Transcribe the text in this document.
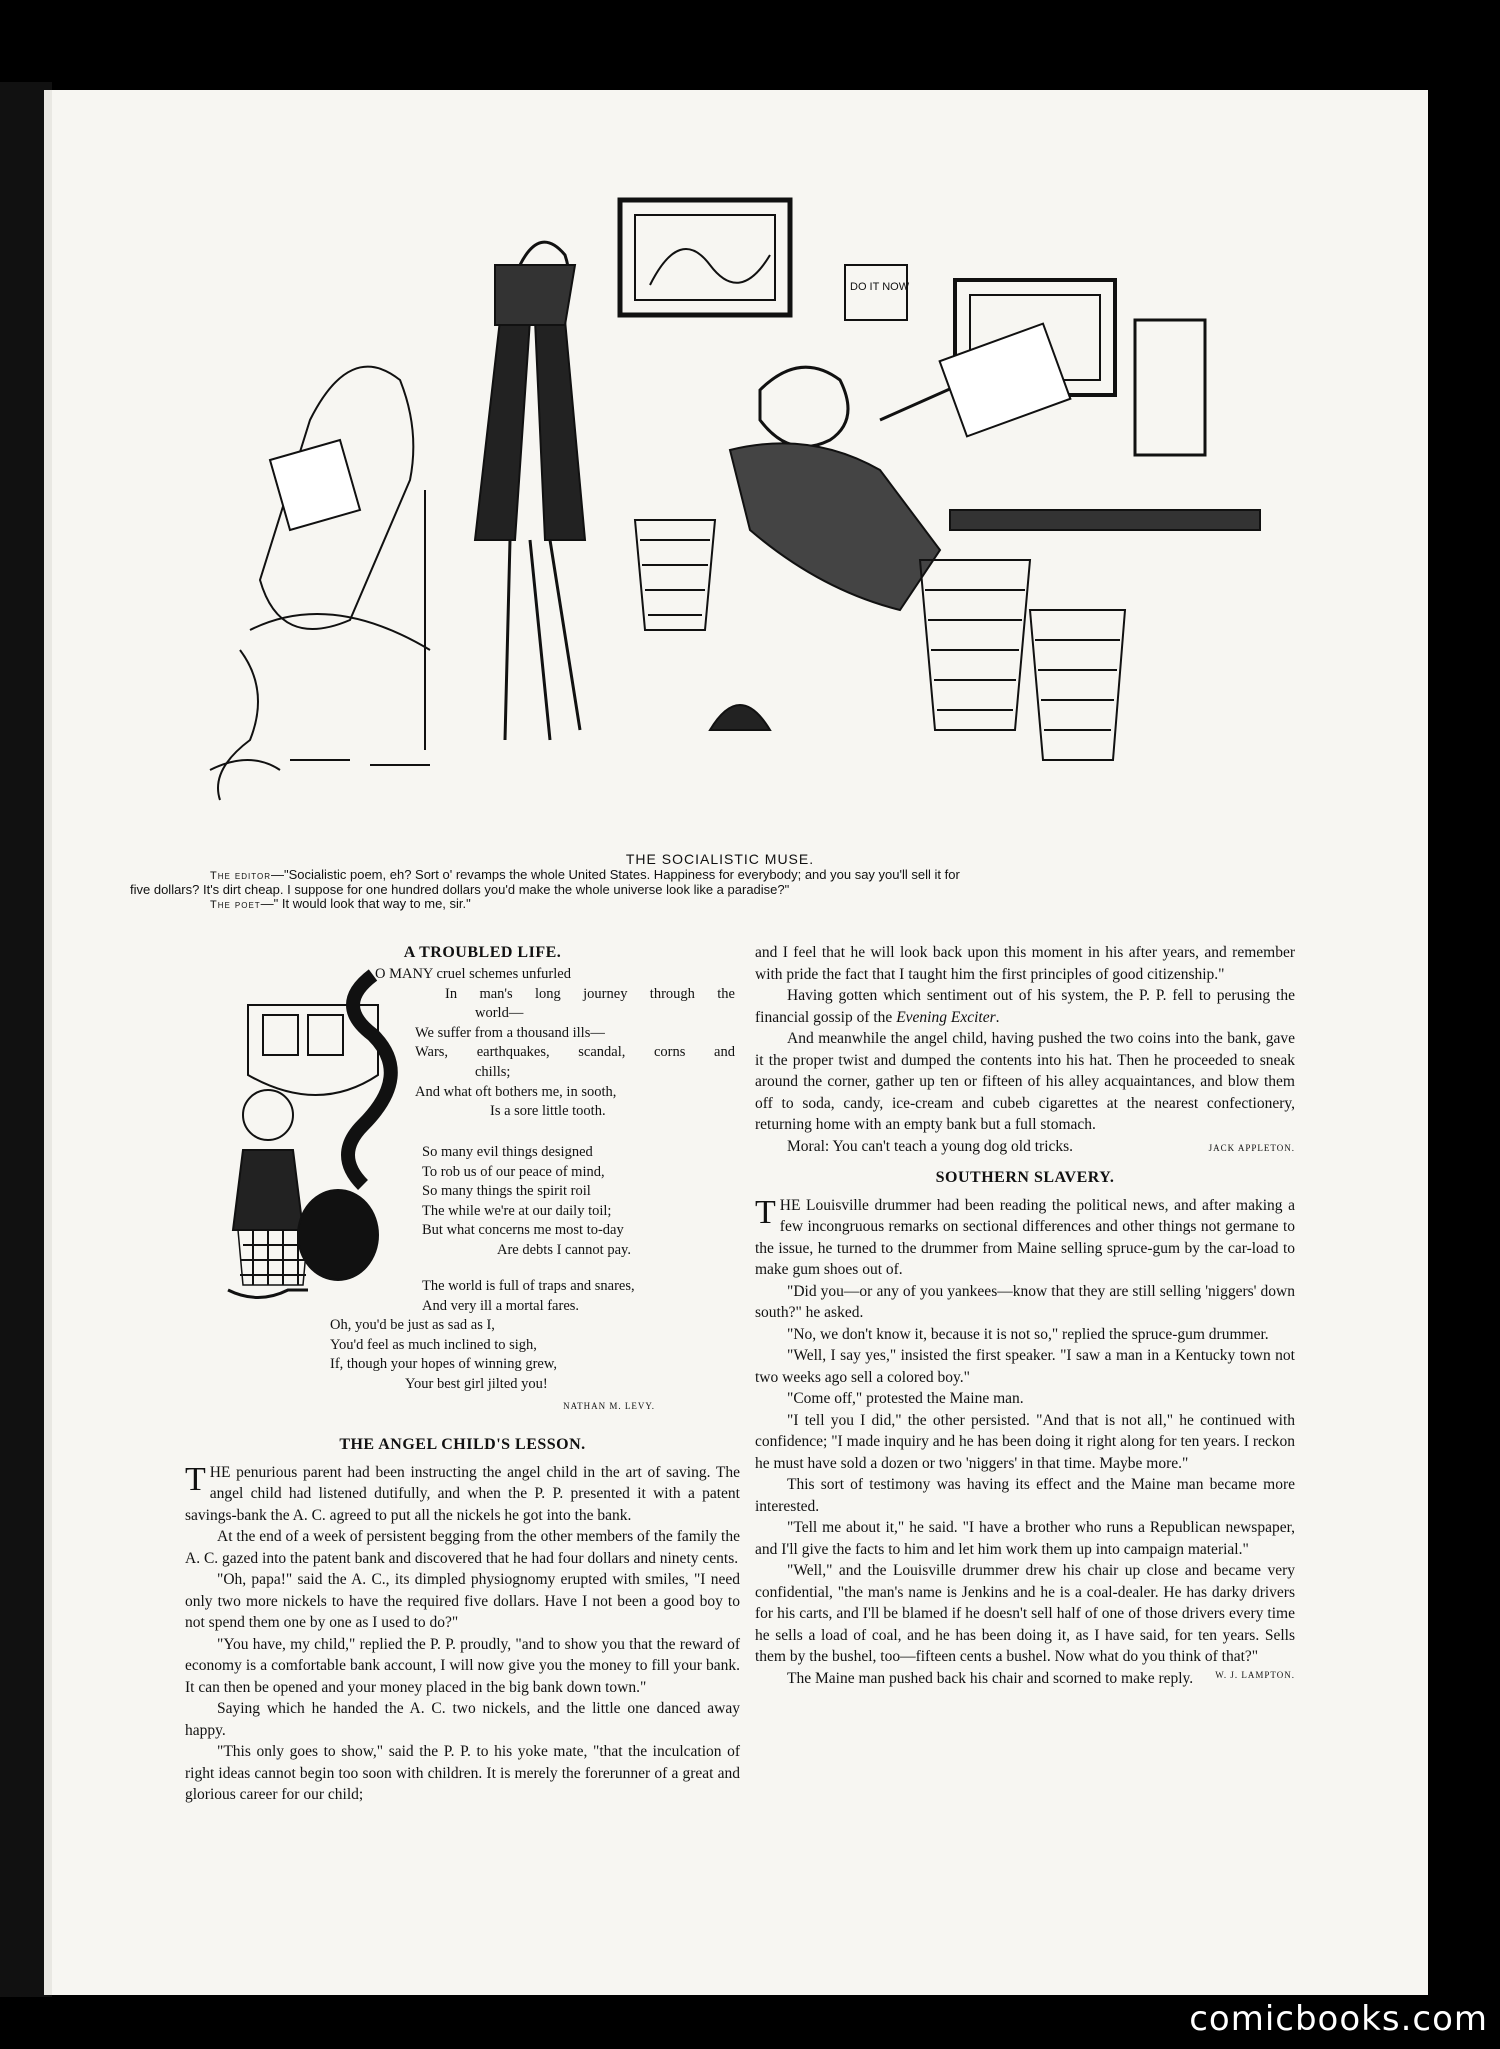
DO IT NOW
THE SOCIALISTIC MUSE.
The editor—"Socialistic poem, eh? Sort o' revamps the whole United States. Happiness for everybody; and you say you'll sell it for
five dollars? It's dirt cheap. I suppose for one hundred dollars you'd make the whole universe look like a paradise?"
The poet—" It would look that way to me, sir."
A TROUBLED LIFE.
O MANY cruel schemes unfurled
In man's long journey through the
world—
We suffer from a thousand ills—
Wars, earthquakes, scandal, corns and
chills;
And what oft bothers me, in sooth,
Is a sore little tooth.
So many evil things designed
To rob us of our peace of mind,
So many things the spirit roil
The while we're at our daily toil;
But what concerns me most to-day
Are debts I cannot pay.
The world is full of traps and snares,
And very ill a mortal fares.
Oh, you'd be just as sad as I,
You'd feel as much inclined to sigh,
If, though your hopes of winning grew,
Your best girl jilted you!
NATHAN M. LEVY.
THE ANGEL CHILD'S LESSON.

THE penurious parent had been instructing the angel child in the art of saving. The angel child had listened dutifully, and when the P. P. presented it with a patent savings-bank the A. C. agreed to put all the nickels he got into the bank.

At the end of a week of persistent begging from the other members of the family the A. C. gazed into the patent bank and discovered that he had four dollars and ninety cents.

"Oh, papa!" said the A. C., its dimpled physiognomy erupted with smiles, "I need only two more nickels to have the required five dollars. Have I not been a good boy to not spend them one by one as I used to do?"

"You have, my child," replied the P. P. proudly, "and to show you that the reward of economy is a comfortable bank account, I will now give you the money to fill your bank. It can then be opened and your money placed in the big bank down town."

Saying which he handed the A. C. two nickels, and the little one danced away happy.

"This only goes to show," said the P. P. to his yoke mate, "that the inculcation of right ideas cannot begin too soon with children. It is merely the forerunner of a great and glorious career for our child;

and I feel that he will look back upon this moment in his after years, and remember with pride the fact that I taught him the first principles of good citizenship."

Having gotten which sentiment out of his system, the P. P. fell to perusing the financial gossip of the Evening Exciter.

And meanwhile the angel child, having pushed the two coins into the bank, gave it the proper twist and dumped the contents into his hat. Then he proceeded to sneak around the corner, gather up ten or fifteen of his alley acquaintances, and blow them off to soda, candy, ice-cream and cubeb cigarettes at the nearest confectionery, returning home with an empty bank but a full stomach.

Moral: You can't teach a young dog old tricks.	JACK APPLETON.

SOUTHERN SLAVERY.

THE Louisville drummer had been reading the political news, and after making a few incongruous remarks on sectional differences and other things not germane to the issue, he turned to the drummer from Maine selling spruce-gum by the car-load to make gum shoes out of.

"Did you—or any of you yankees—know that they are still selling 'niggers' down south?" he asked.

"No, we don't know it, because it is not so," replied the spruce-gum drummer.

"Well, I say yes," insisted the first speaker. "I saw a man in a Kentucky town not two weeks ago sell a colored boy."

"Come off," protested the Maine man.

"I tell you I did," the other persisted. "And that is not all," he continued with confidence; "I made inquiry and he has been doing it right along for ten years. I reckon he must have sold a dozen or two 'niggers' in that time. Maybe more."

This sort of testimony was having its effect and the Maine man became more interested.

"Tell me about it," he said. "I have a brother who runs a Republican newspaper, and I'll give the facts to him and let him work them up into campaign material."

"Well," and the Louisville drummer drew his chair up close and became very confidential, "the man's name is Jenkins and he is a coal-dealer. He has darky drivers for his carts, and I'll be blamed if he doesn't sell half of one of those drivers every time he sells a load of coal, and he has been doing it, as I have said, for ten years. Sells them by the bushel, too—fifteen cents a bushel. Now what do you think of that?"

The Maine man pushed back his chair and scorned to make reply.	W. J. LAMPTON.

comicbooks.com
